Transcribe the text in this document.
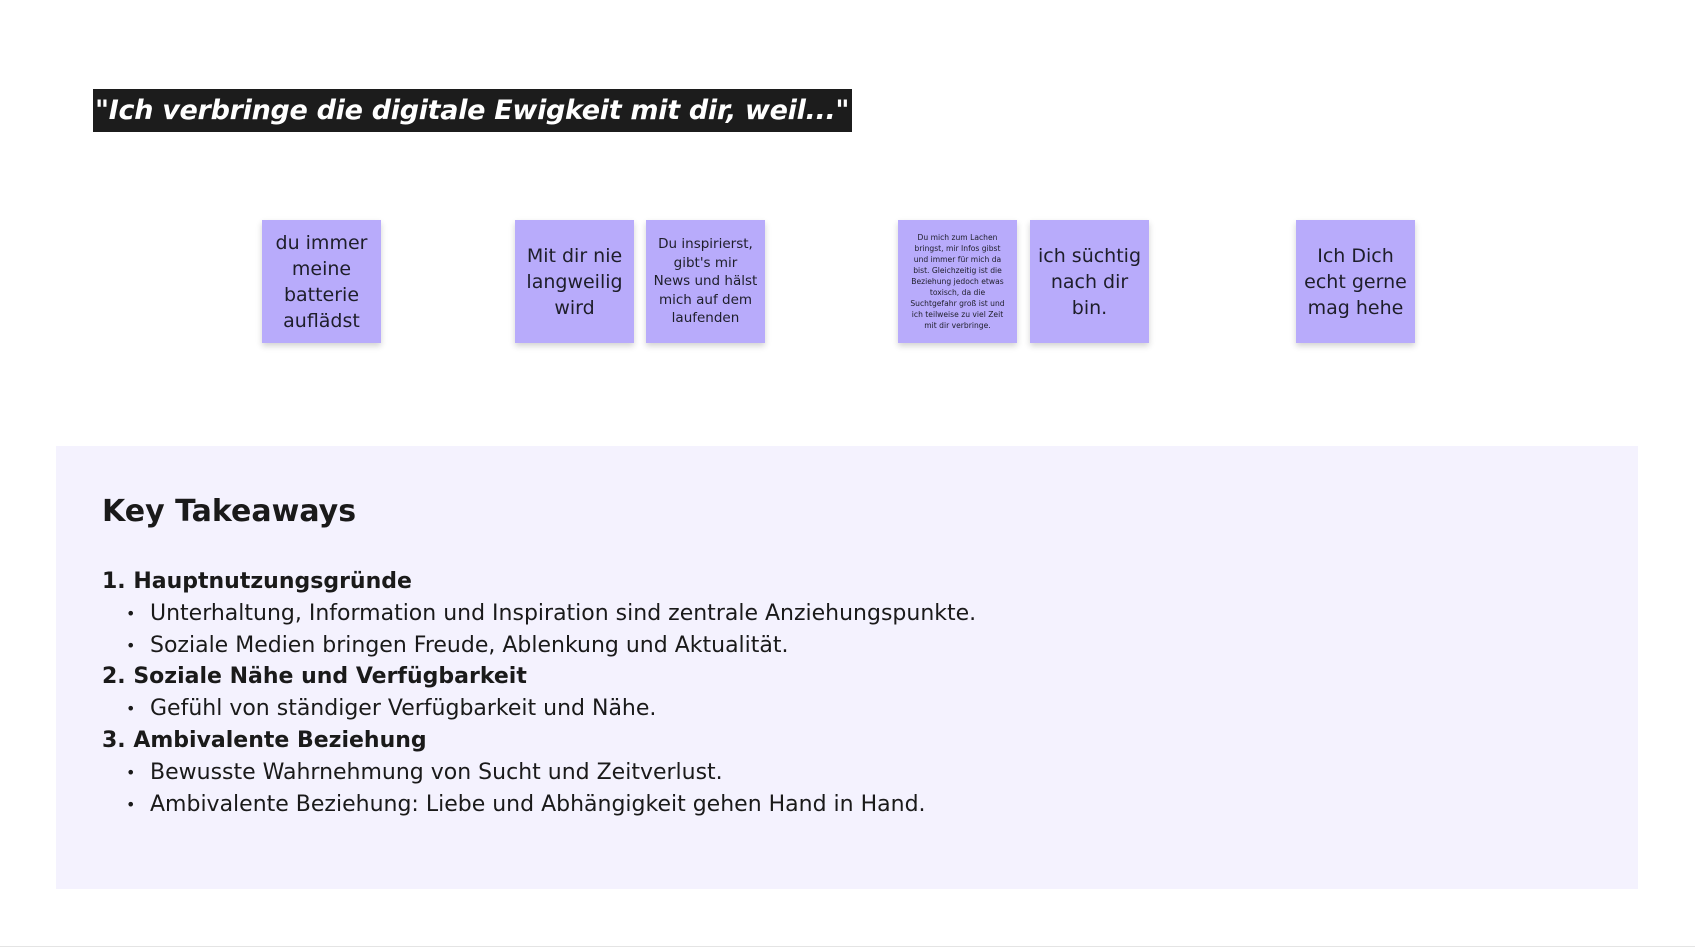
"Ich verbringe die digitale Ewigkeit mit dir, weil..."
du immer meine batterie auflädst
Mit dir nie langweilig wird
Du inspirierst, gibt's mir News und hälst mich auf dem laufenden
Du mich zum Lachen bringst, mir Infos gibst und immer für mich da bist. Gleichzeitig ist die Beziehung jedoch etwas toxisch, da die Suchtgefahr groß ist und ich teilweise zu viel Zeit mit dir verbringe.
ich süchtig nach dir bin.
Ich Dich echt gerne mag hehe
Key Takeaways
1. Hauptnutzungsgründe
• Unterhaltung, Information und Inspiration sind zentrale Anziehungspunkte.
• Soziale Medien bringen Freude, Ablenkung und Aktualität.
2. Soziale Nähe und Verfügbarkeit
• Gefühl von ständiger Verfügbarkeit und Nähe.
3. Ambivalente Beziehung
• Bewusste Wahrnehmung von Sucht und Zeitverlust.
• Ambivalente Beziehung: Liebe und Abhängigkeit gehen Hand in Hand.
